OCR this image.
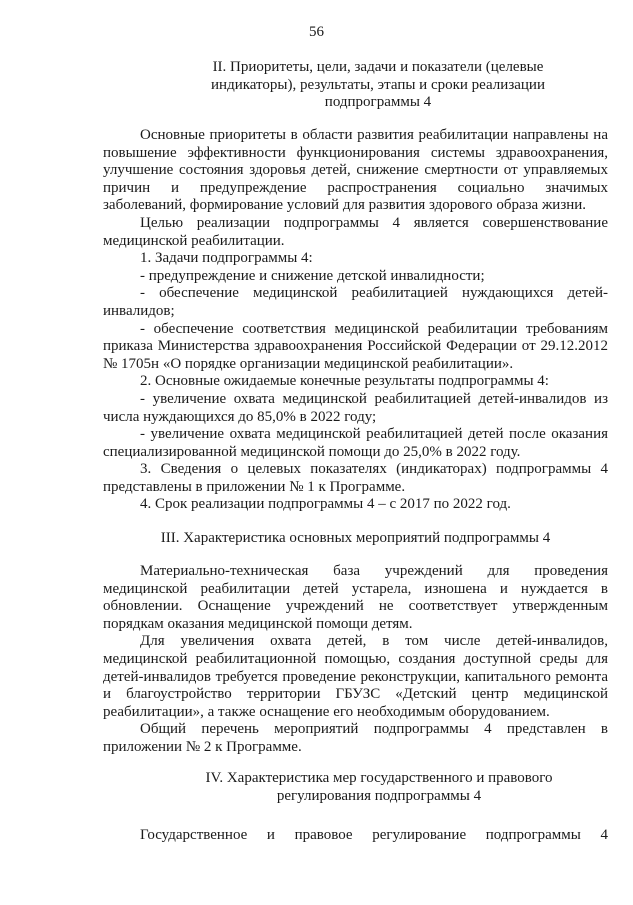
56
II. Приоритеты, цели, задачи и показатели (целевые
индикаторы), результаты, этапы и сроки реализации
подпрограммы 4

Основные приоритеты в области развития реабилитации направлены на повышение эффективности функционирования системы здравоохранения, улучшение состояния здоровья детей, снижение смертности от управляемых причин и предупреждение распространения социально значимых заболеваний, формирование условий для развития здорового образа жизни.

Целью реализации подпрограммы 4 является совершенствование медицинской реабилитации.

1. Задачи подпрограммы 4:

- предупреждение и снижение детской инвалидности;

- обеспечение медицинской реабилитацией нуждающихся детей-инвалидов;

- обеспечение соответствия медицинской реабилитации требованиям приказа Министерства здравоохранения Российской Федерации от 29.12.2012 № 1705н «О порядке организации медицинской реабилитации».

2. Основные ожидаемые конечные результаты подпрограммы 4:

- увеличение охвата медицинской реабилитацией детей-инвалидов из числа нуждающихся до 85,0% в 2022 году;

- увеличение охвата медицинской реабилитацией детей после оказания специализированной медицинской помощи до 25,0% в 2022 году.

3. Сведения о целевых показателях (индикаторах) подпрограммы 4 представлены в приложении № 1 к Программе.

4. Срок реализации подпрограммы 4 – с 2017 по 2022 год.

III. Характеристика основных мероприятий подпрограммы 4

Материально-техническая база учреждений для проведения медицинской реабилитации детей устарела, изношена и нуждается в обновлении. Оснащение учреждений не соответствует утвержденным порядкам оказания медицинской помощи детям.

Для увеличения охвата детей, в том числе детей-инвалидов, медицинской реабилитационной помощью, создания доступной среды для детей-инвалидов требуется проведение реконструкции, капитального ремонта и благоустройство территории ГБУЗС «Детский центр медицинской реабилитации», а также оснащение его необходимым оборудованием.

Общий перечень мероприятий подпрограммы 4 представлен в приложении № 2 к Программе.

IV. Характеристика мер государственного и правового
регулирования подпрограммы 4

Государственное и правовое регулирование подпрограммы 4
